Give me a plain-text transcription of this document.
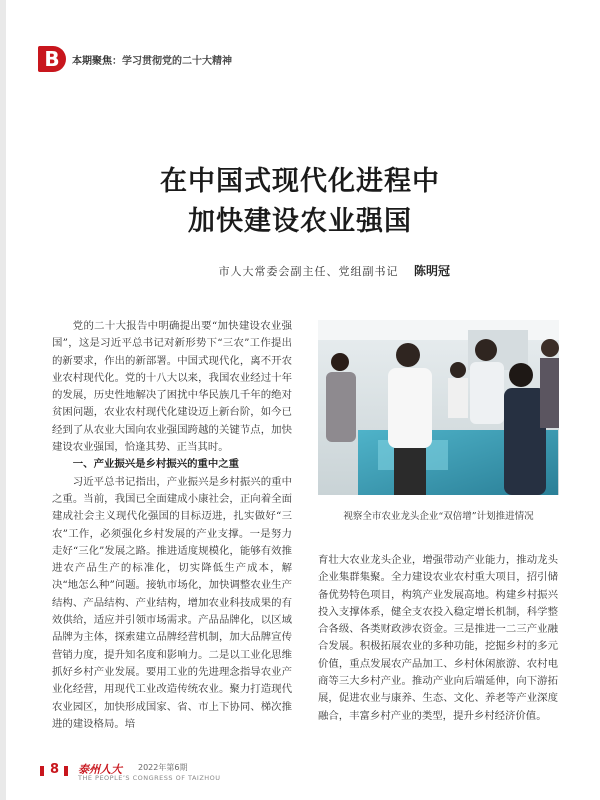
B	本期聚焦：学习贯彻党的二十大精神
在中国式现代化进程中
加快建设农业强国
市人大常委会副主任、党组副书记 陈明冠

党的二十大报告中明确提出要“加快建设农业强国”，这是习近平总书记对新形势下“三农”工作提出的新要求，作出的新部署。中国式现代化，离不开农业农村现代化。党的十八大以来，我国农业经过十年的发展，历史性地解决了困扰中华民族几千年的绝对贫困问题，农业农村现代化建设迈上新台阶，如今已经到了从农业大国向农业强国跨越的关键节点，加快建设农业强国，恰逢其势、正当其时。

一、产业振兴是乡村振兴的重中之重

习近平总书记指出，产业振兴是乡村振兴的重中之重。当前，我国已全面建成小康社会，正向着全面建成社会主义现代化强国的目标迈进，扎实做好“三农”工作，必须强化乡村发展的产业支撑。一是努力走好“三化”发展之路。推进适度规模化，能够有效推进农产品生产的标准化，切实降低生产成本，解决“地怎么种”问题。接轨市场化，加快调整农业生产结构、产品结构、产业结构，增加农业科技成果的有效供给，适应并引领市场需求。产品品牌化，以区域品牌为主体，探索建立品牌经营机制，加大品牌宣传营销力度，提升知名度和影响力。二是以工业化思维抓好乡村产业发展。要用工业的先进理念指导农业产业化经营，用现代工业改造传统农业。聚力打造现代农业园区，加快形成国家、省、市上下协同、梯次推进的建设格局。培

视察全市农业龙头企业“双倍增”计划推进情况

育壮大农业龙头企业，增强带动产业能力，推动龙头企业集群集聚。全力建设农业农村重大项目，招引储备优势特色项目，构筑产业发展高地。构建乡村振兴投入支撑体系，健全支农投入稳定增长机制，科学整合各级、各类财政涉农资金。三是推进一二三产业融合发展。积极拓展农业的多种功能，挖掘乡村的多元价值，重点发展农产品加工、乡村休闲旅游、农村电商等三大乡村产业。推动产业向后端延伸，向下游拓展，促进农业与康养、生态、文化、养老等产业深度融合，丰富乡村产业的类型，提升乡村经济价值。

8 泰州人大 2022年第6期
THE PEOPLE’S CONGRESS OF TAIZHOU
